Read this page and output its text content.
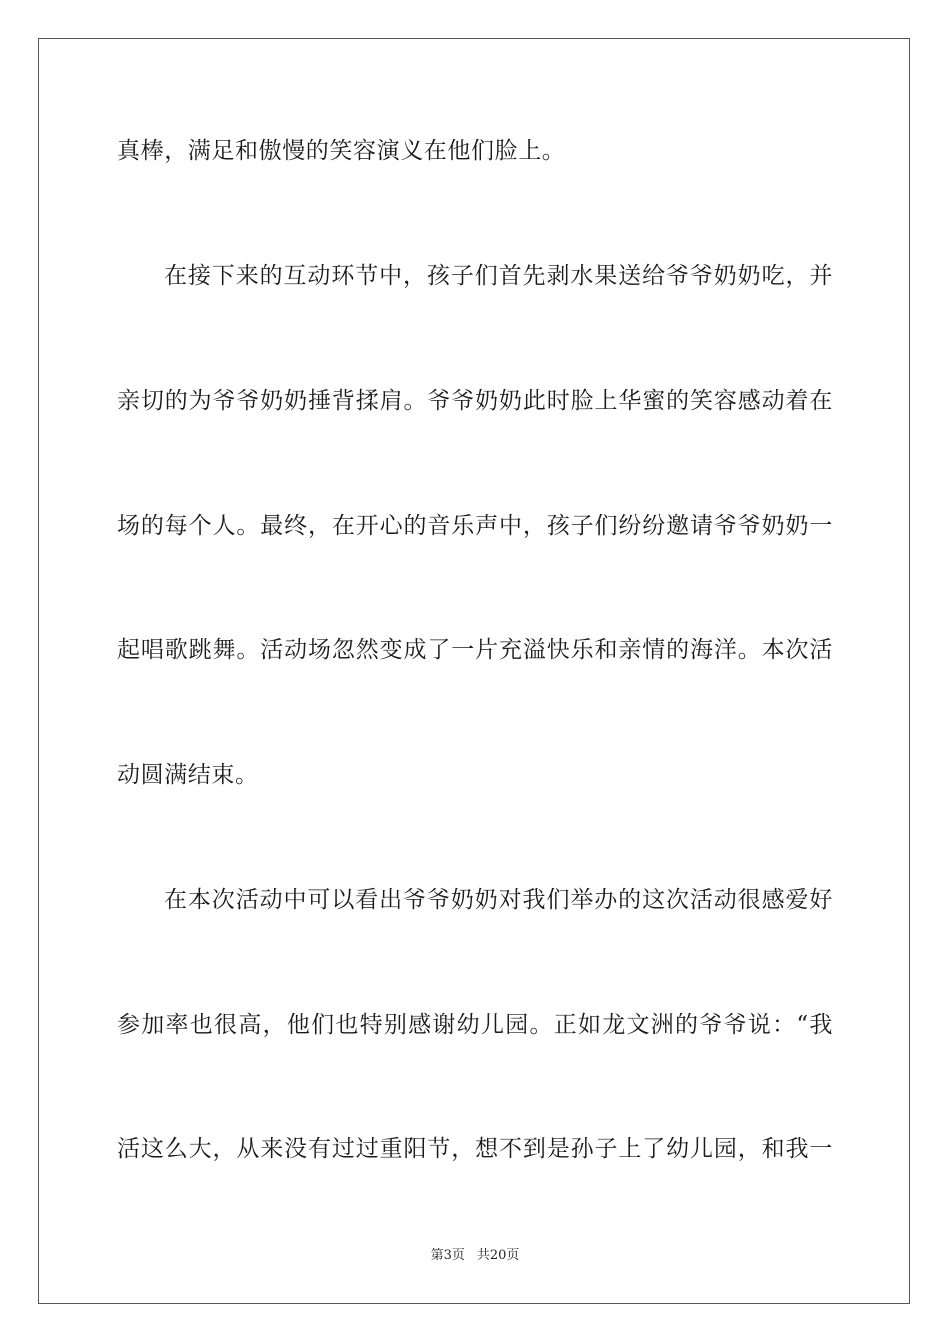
真棒，满足和傲慢的笑容演义在他们脸上。
在接下来的互动环节中，孩子们首先剥水果送给爷爷奶奶吃，并
亲切的为爷爷奶奶捶背揉肩。爷爷奶奶此时脸上华蜜的笑容感动着在
场的每个人。最终，在开心的音乐声中，孩子们纷纷邀请爷爷奶奶一
起唱歌跳舞。活动场忽然变成了一片充溢快乐和亲情的海洋。本次活
动圆满结束。
在本次活动中可以看出爷爷奶奶对我们举办的这次活动很感爱好
参加率也很高，他们也特别感谢幼儿园。正如龙文洲的爷爷说：“我
活这么大，从来没有过过重阳节，想不到是孙子上了幼儿园，和我一
第3页 共20页
